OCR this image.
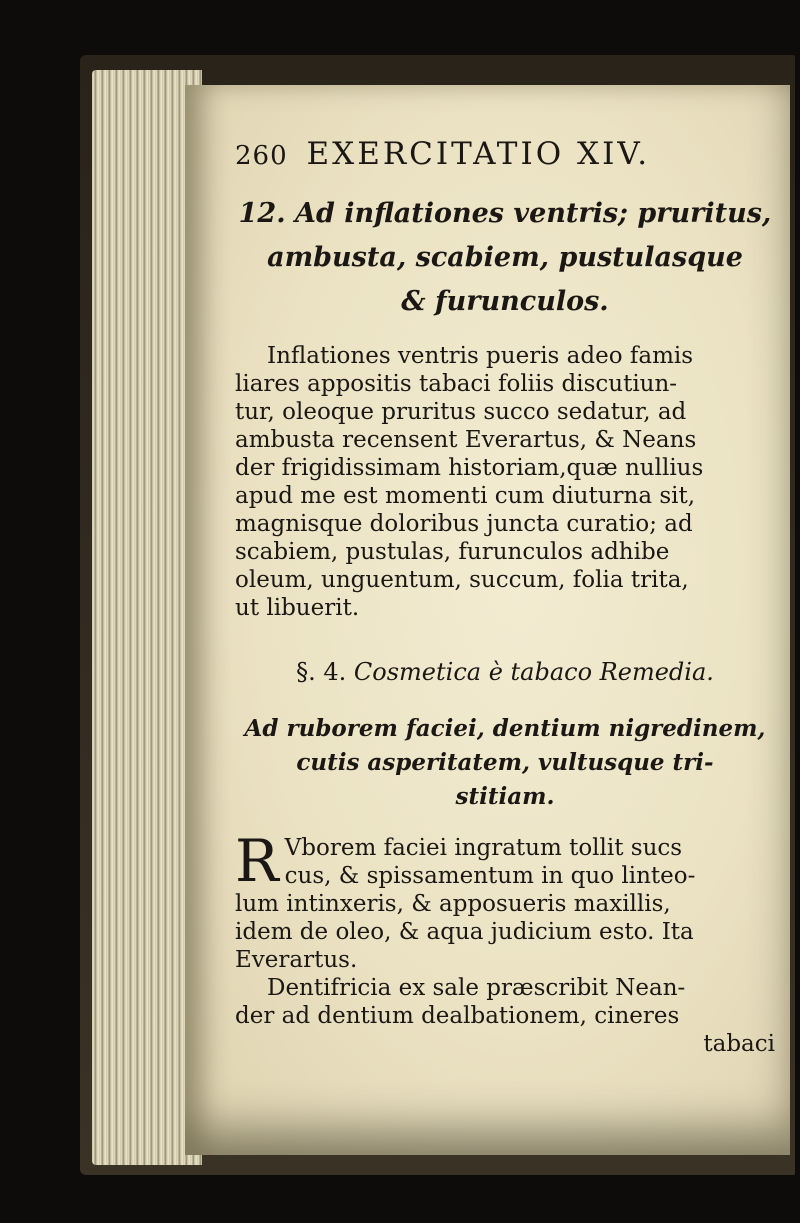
260 EXERCITATIO XIV.
12. Ad inflationes ventris; pruritus,
ambusta, scabiem, pustulasque
& furunculos.

Inflationes ventris pueris adeo famis

liares appositis tabaci foliis discutiun-

tur, oleoque pruritus succo sedatur, ad

ambusta recensent Everartus, & Neans

der frigidissimam historiam,quæ nullius

apud me est momenti cum diuturna sit,

magnisque doloribus juncta curatio; ad

scabiem, pustulas, furunculos adhibe

oleum, unguentum, succum, folia trita,

ut libuerit.

§. 4. Cosmetica è tabaco Remedia.
Ad ruborem faciei, dentium nigredinem,
cutis asperitatem, vultusque tri-
stitiam.
R Vborem faciei ingratum tollit sucs

cus, & spissamentum in quo linteo-

lum intinxeris, & apposueris maxillis,

idem de oleo, & aqua judicium esto. Ita

Everartus.

Dentifricia ex sale præscribit Nean-

der ad dentium dealbationem, cineres

tabaci
